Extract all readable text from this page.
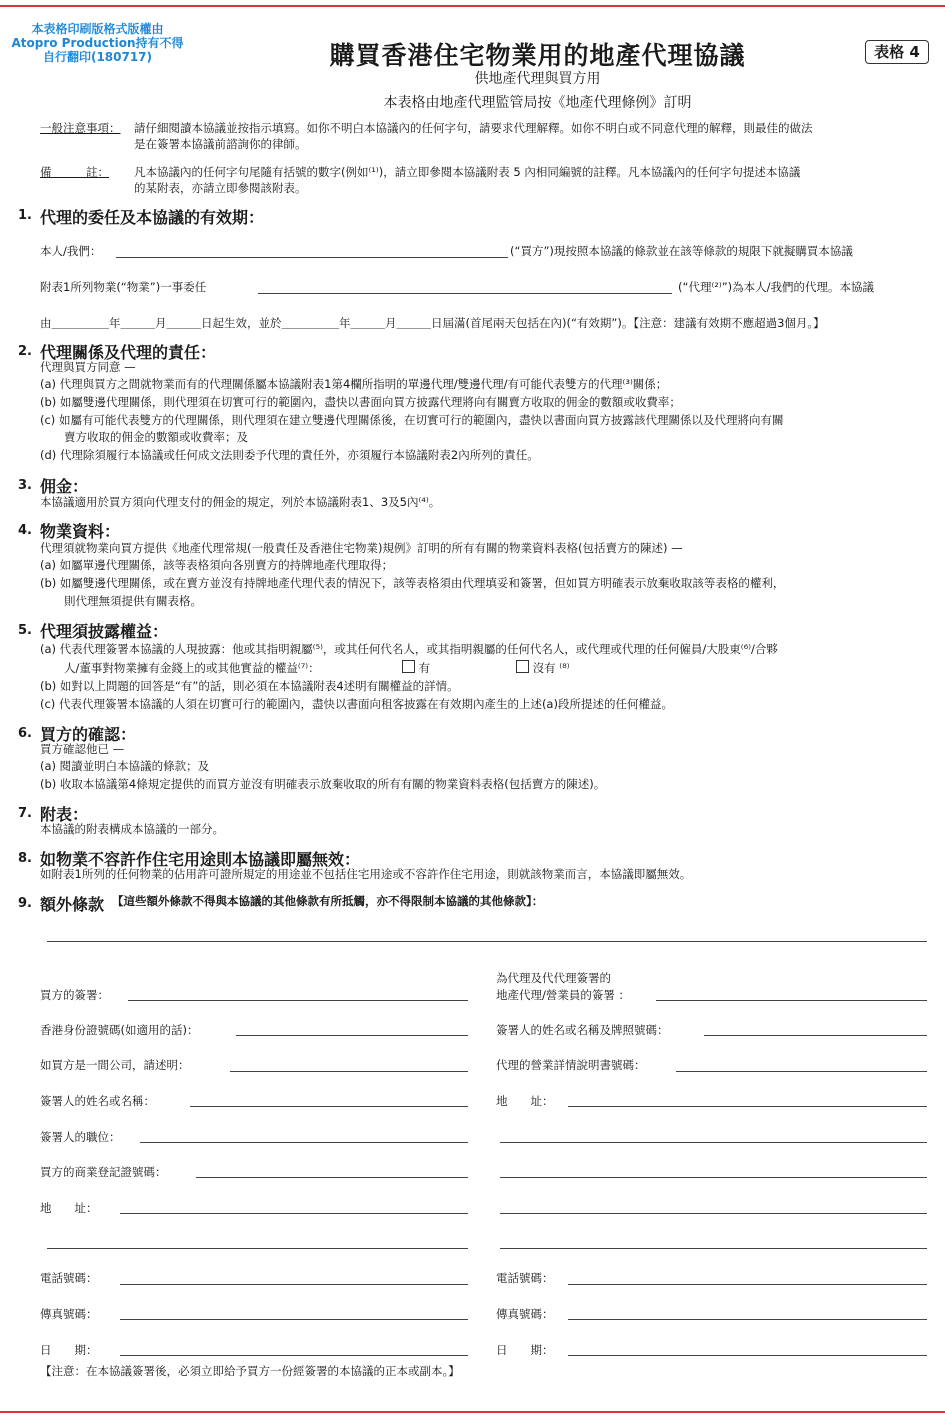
本表格印刷版格式版權由Atopro Production持有不得自行翻印(180717)	購買香港住宅物業用的地產代理協議
供地產代理與買方用
本表格由地產代理監管局按《地產代理條例》訂明
表格 4
一般注意事項： 請仔細閱讀本協議並按指示填寫。如你不明白本協議內的任何字句，請要求代理解釋。如你不明白或不同意代理的解釋，則最佳的做法
是在簽署本協議前諮詢你的律師。
備　　　註： 凡本協議內的任何字句尾隨有括號的數字(例如⁽¹⁾)，請立即參閱本協議附表 5 內相同編號的註釋。凡本協議內的任何字句提述本協議
的某附表，亦請立即參閱該附表。
1. 代理的委任及本協議的有效期：
本人/我們：	(“買方”)現按照本協議的條款並在該等條款的規限下就擬購買本協議
附表1所列物業(“物業”)一事委任	(“代理⁽²⁾”)為本人/我們的代理。本協議
由＿＿＿＿＿年＿＿＿月＿＿＿日起生效，並於＿＿＿＿＿年＿＿＿月＿＿＿日屆滿(首尾兩天包括在內)(“有效期”)。【注意：建議有效期不應超過3個月。】
2. 代理關係及代理的責任：
代理與買方同意 —
(a) 代理與買方之間就物業而有的代理關係屬本協議附表1第4欄所指明的單邊代理/雙邊代理/有可能代表雙方的代理⁽³⁾關係；
(b) 如屬雙邊代理關係，則代理須在切實可行的範圍內，盡快以書面向買方披露代理將向有關賣方收取的佣金的數額或收費率；
(c) 如屬有可能代表雙方的代理關係，則代理須在建立雙邊代理關係後，在切實可行的範圍內，盡快以書面向買方披露該代理關係以及代理將向有關
賣方收取的佣金的數額或收費率；及
(d) 代理除須履行本協議或任何成文法則委予代理的責任外，亦須履行本協議附表2內所列的責任。
3. 佣金：
本協議適用於買方須向代理支付的佣金的規定，列於本協議附表1、3及5內⁽⁴⁾。
4. 物業資料：
代理須就物業向買方提供《地產代理常規(一般責任及香港住宅物業)規例》訂明的所有有關的物業資料表格(包括賣方的陳述) —
(a) 如屬單邊代理關係，該等表格須向各別賣方的持牌地產代理取得；
(b) 如屬雙邊代理關係，或在賣方並沒有持牌地產代理代表的情況下，該等表格須由代理填妥和簽署，但如買方明確表示放棄收取該等表格的權利，
則代理無須提供有關表格。
5. 代理須披露權益：
(a) 代表代理簽署本協議的人現披露：他或其指明親屬⁽⁵⁾，或其任何代名人，或其指明親屬的任何代名人，或代理或代理的任何僱員/大股東⁽⁶⁾/合夥
人/董事對物業擁有金錢上的或其他實益的權益⁽⁷⁾：	有	沒有 ⁽⁸⁾
(b) 如對以上問題的回答是“有”的話，則必須在本協議附表4述明有關權益的詳情。
(c) 代表代理簽署本協議的人須在切實可行的範圍內，盡快以書面向租客披露在有效期內產生的上述(a)段所提述的任何權益。
6. 買方的確認：
買方確認他已 —
(a) 閱讀並明白本協議的條款；及
(b) 收取本協議第4條規定提供的而買方並沒有明確表示放棄收取的所有有關的物業資料表格(包括賣方的陳述)。
7. 附表：
本協議的附表構成本協議的一部分。
8. 如物業不容許作住宅用途則本協議即屬無效：
如附表1所列的任何物業的佔用許可證所規定的用途並不包括住宅用途或不容許作住宅用途，則就該物業而言，本協議即屬無效。
9. 額外條款 【這些額外條款不得與本協議的其他條款有所抵觸，亦不得限制本協議的其他條款】：
買方的簽署：
香港身份證號碼(如適用的話)：
如買方是一間公司，請述明：
簽署人的姓名或名稱：
簽署人的職位：
買方的商業登記證號碼：
地　　址：
電話號碼：
傳真號碼：
日　　期：
為代理及代代理簽署的
地產代理/營業員的簽署 ：
簽署人的姓名或名稱及牌照號碼：
代理的營業詳情說明書號碼：
地　　址：
電話號碼：
傳真號碼：
日　　期：
【注意：在本協議簽署後，必須立即給予買方一份經簽署的本協議的正本或副本。】
